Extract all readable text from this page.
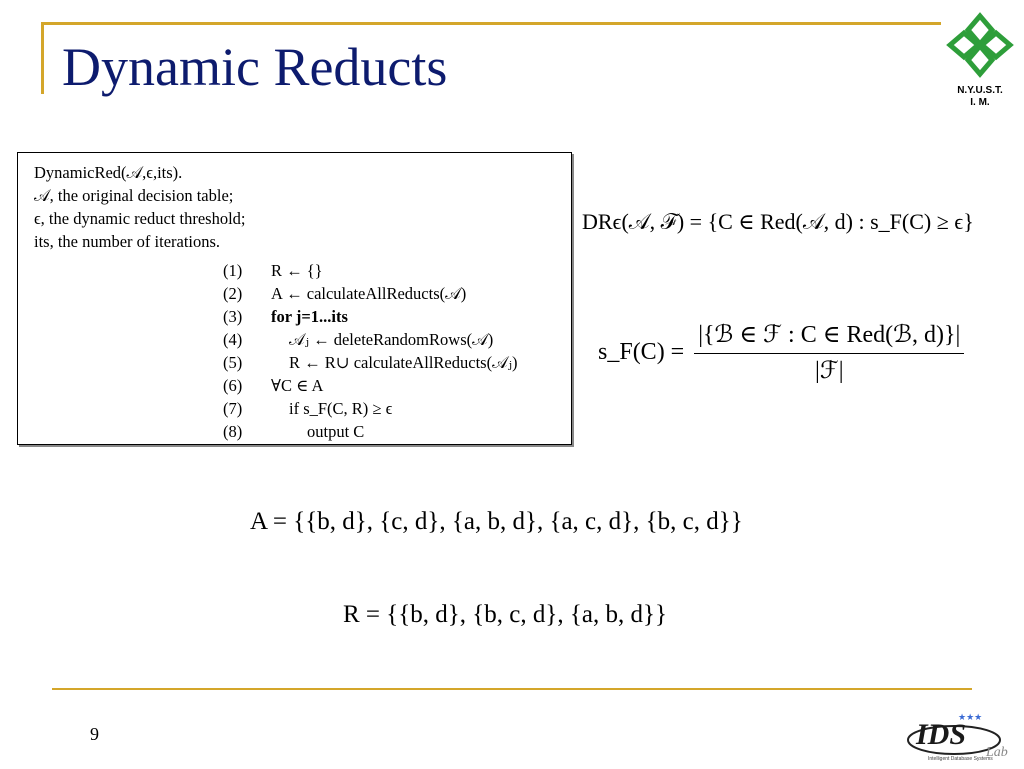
Dynamic Reducts	N.Y.U.S.T.
I. M.
DynamicRed(𝒜,ϵ,its).
𝒜, the original decision table;
ϵ, the dynamic reduct threshold;
its, the number of iterations.
(1)	R ← {}
(2)	A ← calculateAllReducts(𝒜)
(3)	for j=1...its
(4)	𝒜ⱼ ← deleteRandomRows(𝒜)
(5)	R ← R∪ calculateAllReducts(𝒜ⱼ)
(6)	∀C ∈ A
(7)	if s_F(C, R) ≥ ϵ
(8)	output C
DRϵ(𝒜, ℱ) = {C ∈ Red(𝒜, d) : s_F(C) ≥ ϵ}
s_F(C) = $\frac{\text{|\{ℬ ∈ ℱ : C ∈ Red(ℬ, d)\}|}}{\text{|ℱ|}}$
A = {{b, d}, {c, d}, {a, b, d}, {a, c, d}, {b, c, d}}
R = {{b, d}, {b, c, d}, {a, b, d}}
9	IDS
Lab
Intelligent Database Systems
★★★
